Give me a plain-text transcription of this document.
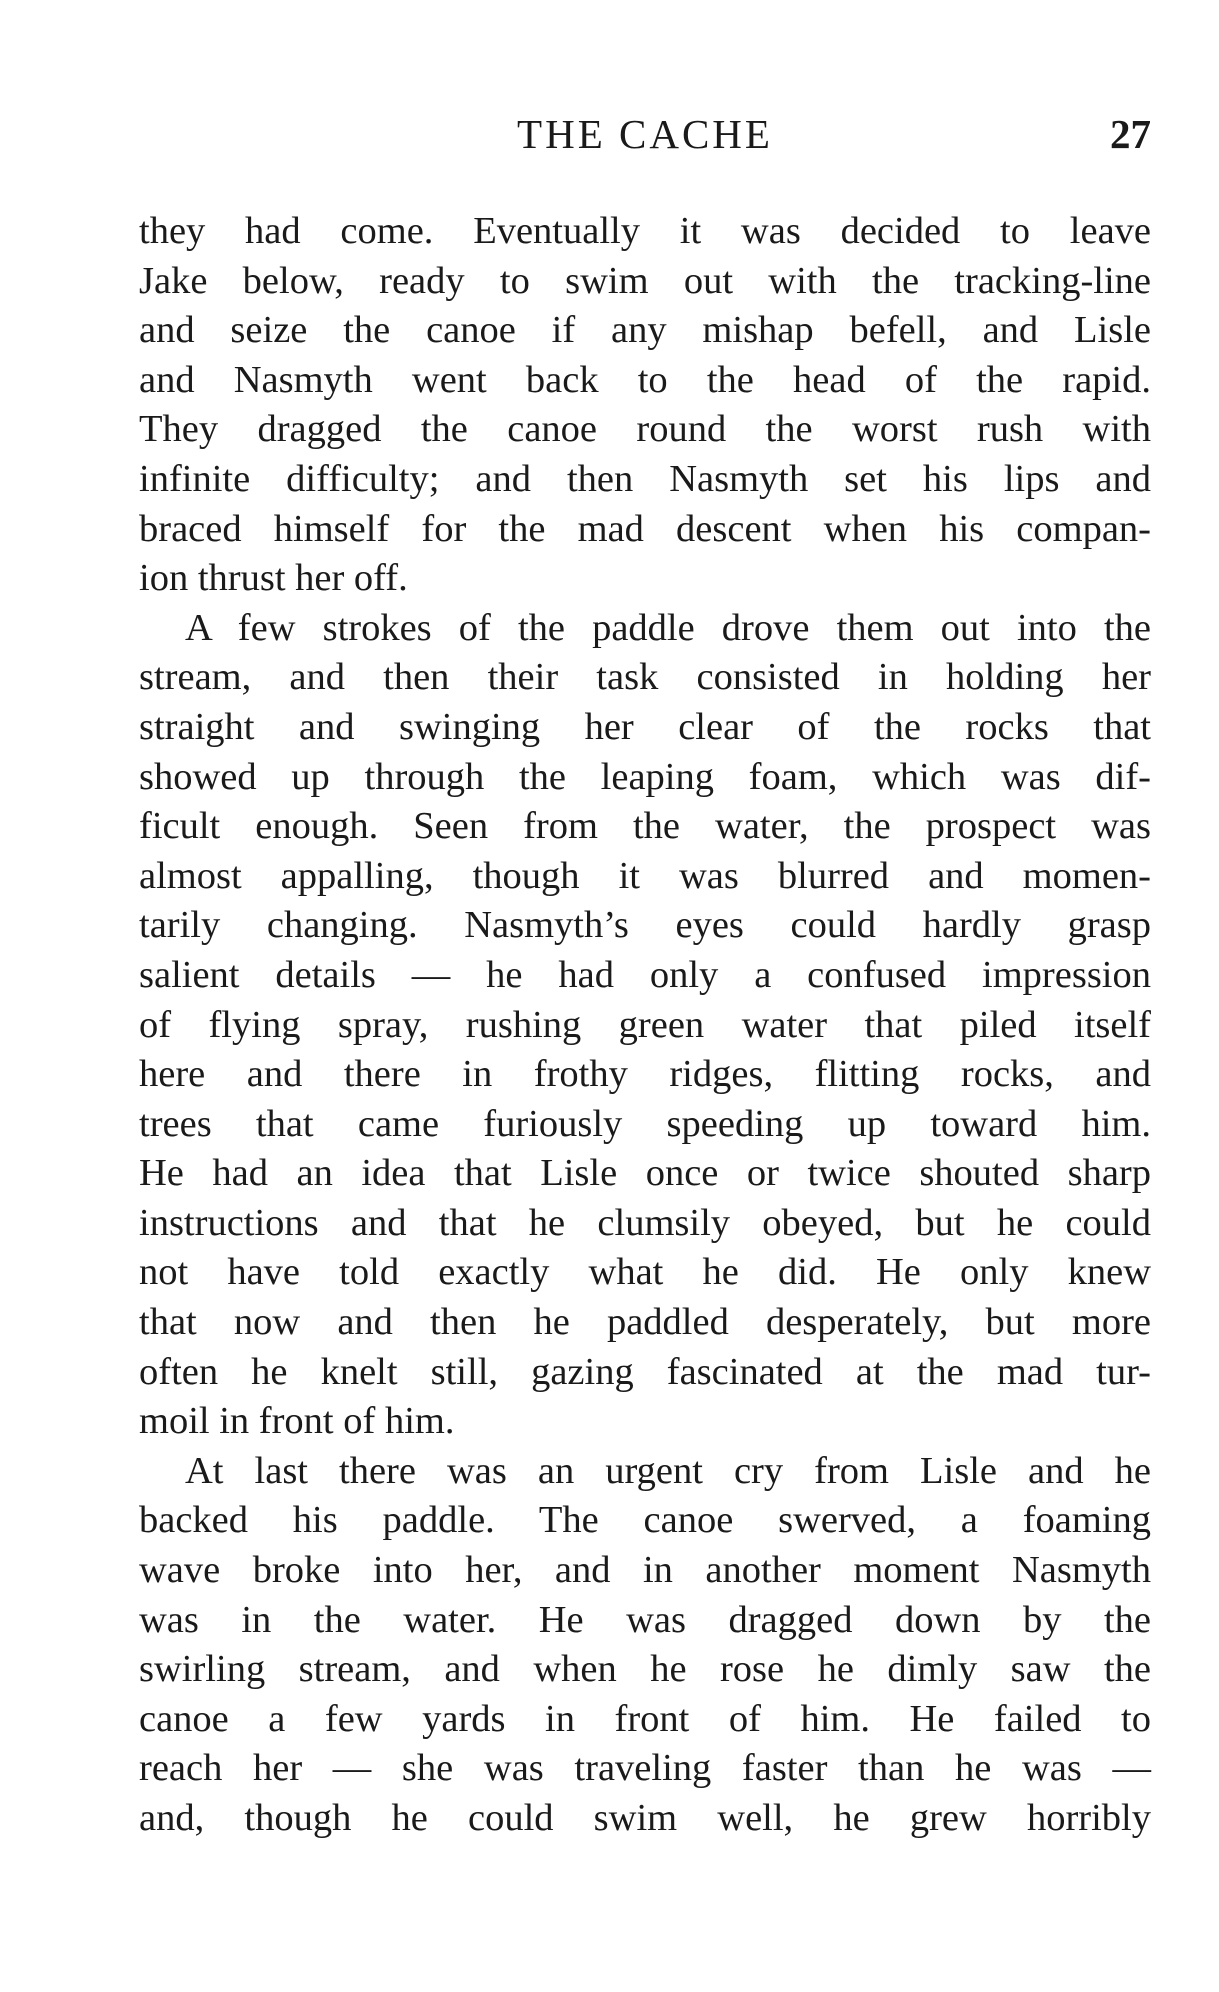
THE CACHE	27
they had come. Eventually it was decided to leave
Jake below, ready to swim out with the tracking-line
and seize the canoe if any mishap befell, and Lisle
and Nasmyth went back to the head of the rapid.
They dragged the canoe round the worst rush with
infinite difficulty; and then Nasmyth set his lips and
braced himself for the mad descent when his compan-
ion thrust her off.
A few strokes of the paddle drove them out into the
stream, and then their task consisted in holding her
straight and swinging her clear of the rocks that
showed up through the leaping foam, which was dif-
ficult enough. Seen from the water, the prospect was
almost appalling, though it was blurred and momen-
tarily changing. Nasmyth’s eyes could hardly grasp
salient details — he had only a confused impression
of flying spray, rushing green water that piled itself
here and there in frothy ridges, flitting rocks, and
trees that came furiously speeding up toward him.
He had an idea that Lisle once or twice shouted sharp
instructions and that he clumsily obeyed, but he could
not have told exactly what he did. He only knew
that now and then he paddled desperately, but more
often he knelt still, gazing fascinated at the mad tur-
moil in front of him.
At last there was an urgent cry from Lisle and he
backed his paddle. The canoe swerved, a foaming
wave broke into her, and in another moment Nasmyth
was in the water. He was dragged down by the
swirling stream, and when he rose he dimly saw the
canoe a few yards in front of him. He failed to
reach her — she was traveling faster than he was —
and, though he could swim well, he grew horribly
